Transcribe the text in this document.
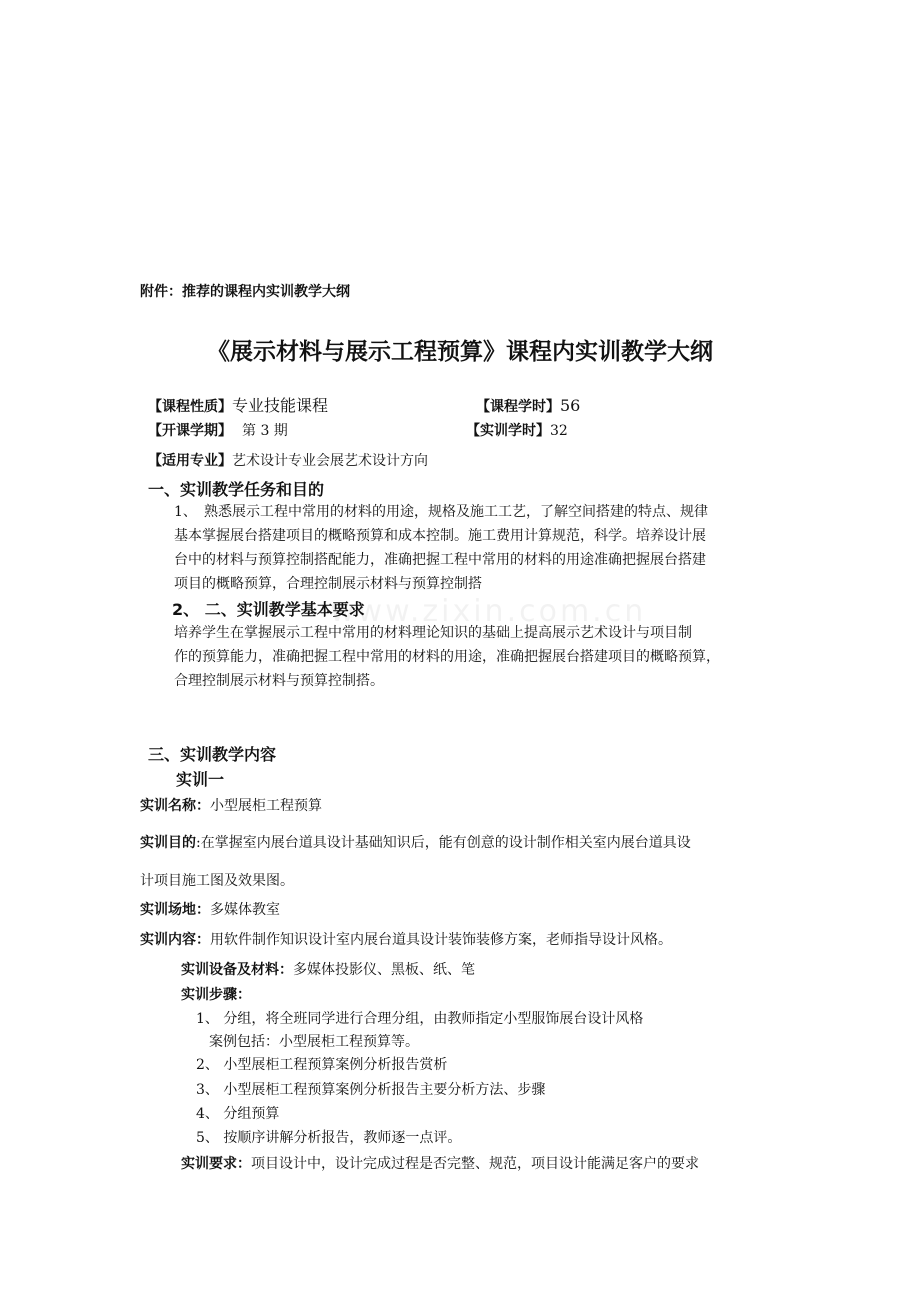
www.zixin.com.cn
附件：推荐的课程内实训教学大纲
《展示材料与展示工程预算》课程内实训教学大纲
【课程性质】专业技能课程	【课程学时】56
【开课学期】 第 3 期	【实训学时】32
【适用专业】艺术设计专业会展艺术设计方向
一、实训教学任务和目的
1、 熟悉展示工程中常用的材料的用途，规格及施工工艺，了解空间搭建的特点、规律
基本掌握展台搭建项目的概略预算和成本控制。施工费用计算规范，科学。培养设计展
台中的材料与预算控制搭配能力，准确把握工程中常用的材料的用途准确把握展台搭建
项目的概略预算，合理控制展示材料与预算控制搭
2、 二、实训教学基本要求
培养学生在掌握展示工程中常用的材料理论知识的基础上提高展示艺术设计与项目制
作的预算能力，准确把握工程中常用的材料的用途，准确把握展台搭建项目的概略预算，
合理控制展示材料与预算控制搭。
三、实训教学内容
实训一
实训名称：小型展柜工程预算
实训目的:在掌握室内展台道具设计基础知识后，能有创意的设计制作相关室内展台道具设
计项目施工图及效果图。
实训场地：多媒体教室
实训内容：用软件制作知识设计室内展台道具设计装饰装修方案，老师指导设计风格。
实训设备及材料：多媒体投影仪、黑板、纸、笔
实训步骤：
1、 分组，将全班同学进行合理分组，由教师指定小型服饰展台设计风格
案例包括：小型展柜工程预算等。
2、 小型展柜工程预算案例分析报告赏析
3、 小型展柜工程预算案例分析报告主要分析方法、步骤
4、 分组预算
5、 按顺序讲解分析报告，教师逐一点评。
实训要求：项目设计中，设计完成过程是否完整、规范，项目设计能满足客户的要求
